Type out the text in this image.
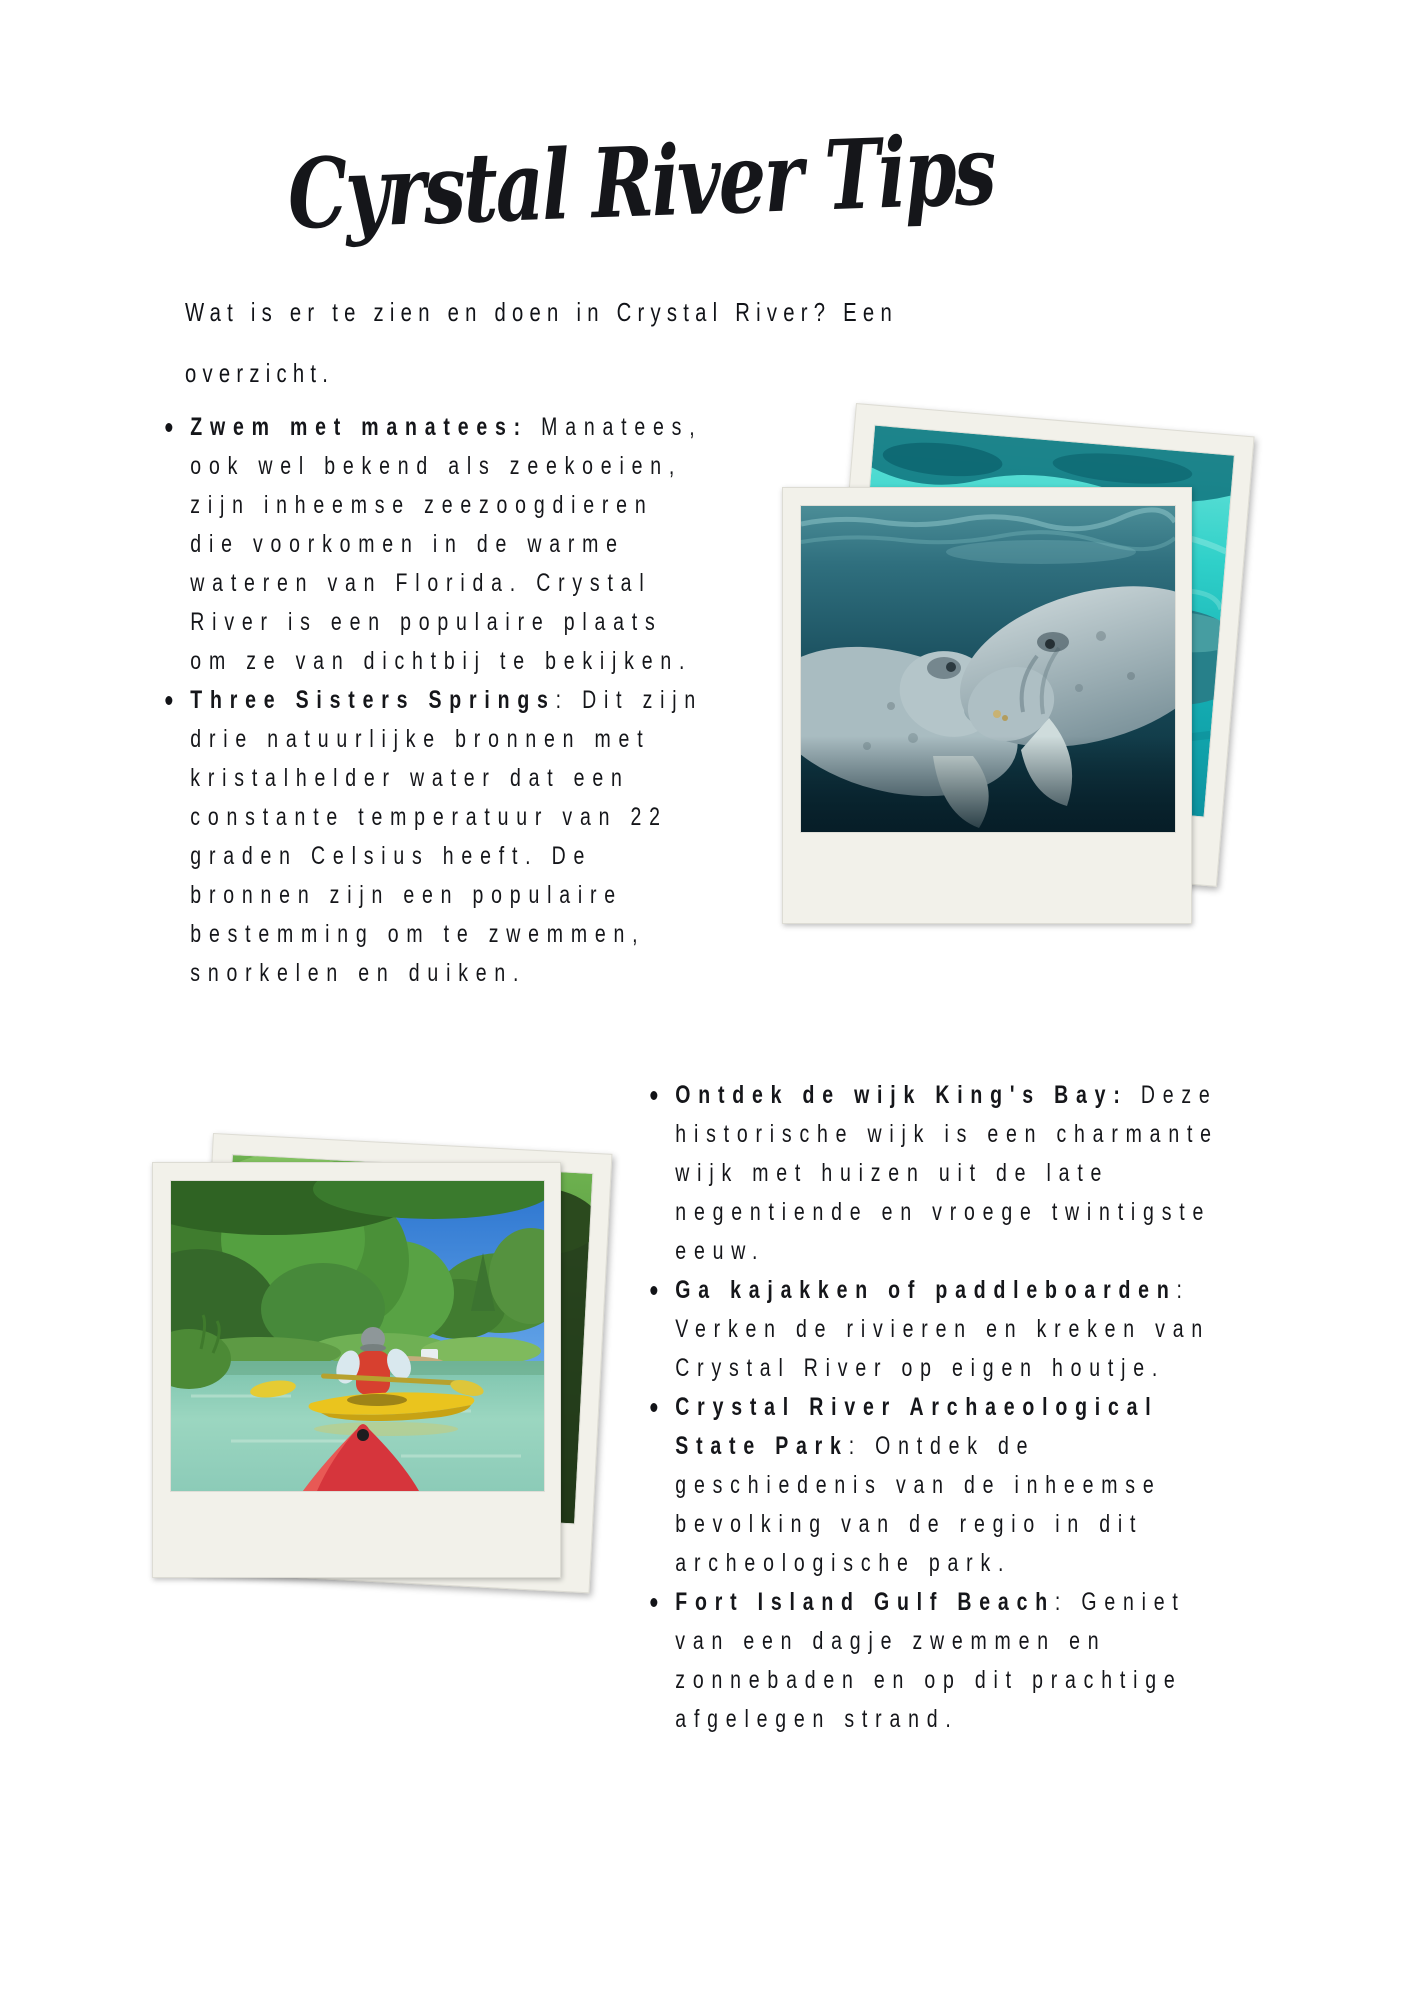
Cyrstal River Tips
Wat is er te zien en doen in Crystal River? Een
overzicht.
Zwem met manatees: Manatees,
ook wel bekend als zeekoeien,
zijn inheemse zeezoogdieren
die voorkomen in de warme
wateren van Florida. Crystal
River is een populaire plaats
om ze van dichtbij te bekijken.
Three Sisters Springs: Dit zijn
drie natuurlijke bronnen met
kristalhelder water dat een
constante temperatuur van 22
graden Celsius heeft. De
bronnen zijn een populaire
bestemming om te zwemmen,
snorkelen en duiken.
Ontdek de wijk King's Bay: Deze
historische wijk is een charmante
wijk met huizen uit de late
negentiende en vroege twintigste
eeuw.
Ga kajakken of paddleboarden:
Verken de rivieren en kreken van
Crystal River op eigen houtje.
Crystal River Archaeological
State Park: Ontdek de
geschiedenis van de inheemse
bevolking van de regio in dit
archeologische park.
Fort Island Gulf Beach: Geniet
van een dagje zwemmen en
zonnebaden en op dit prachtige
afgelegen strand.
